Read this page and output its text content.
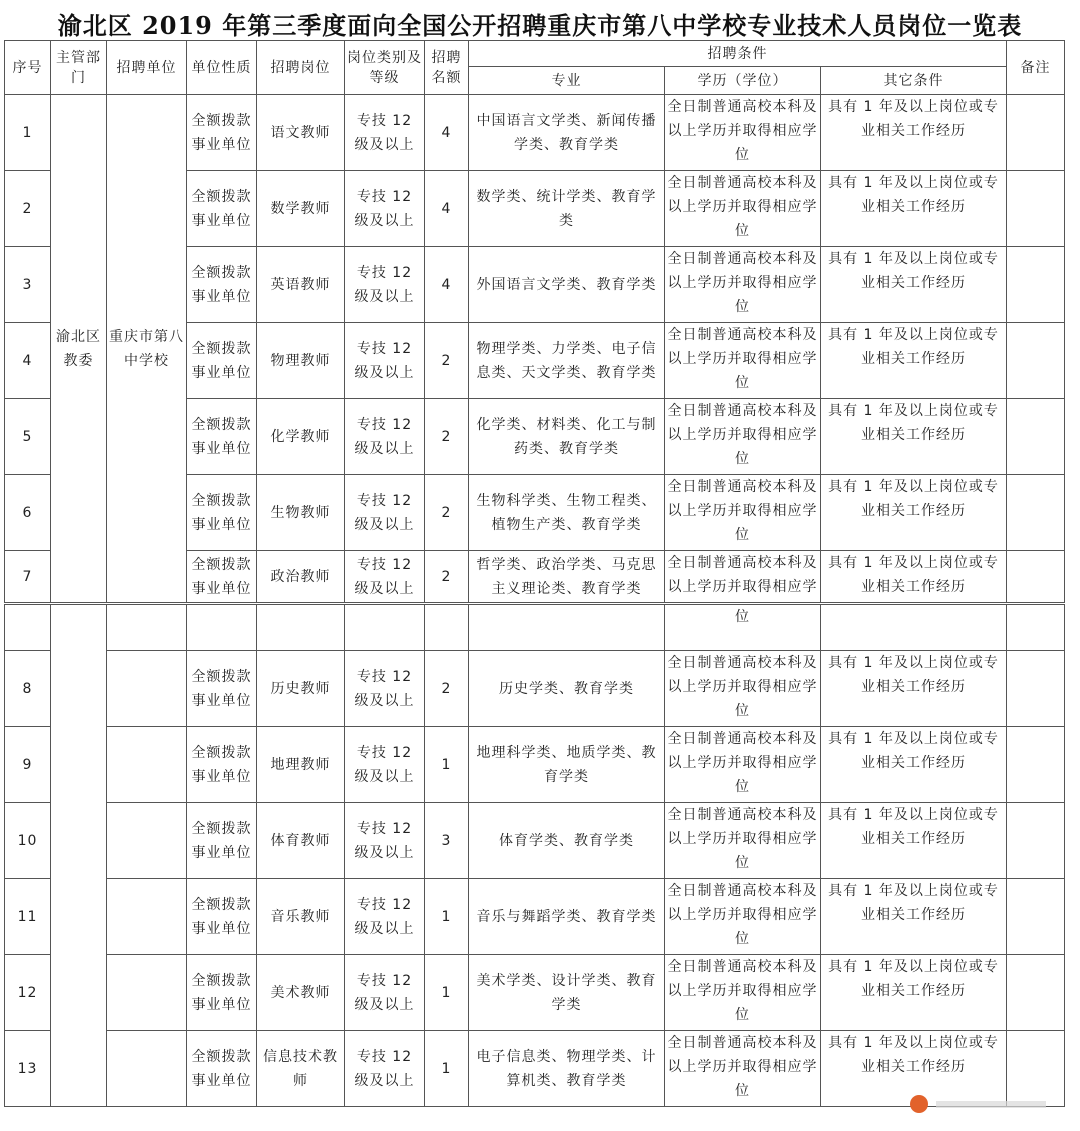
渝北区 2019 年第三季度面向全国公开招聘重庆市第八中学校专业技术人员岗位一览表
序号	主管部门	招聘单位	单位性质	招聘岗位	岗位类别及等级	招聘名额	招聘条件			备注
							专业	学历（学位）	其它条件	
1	渝北区教委	重庆市第八中学校	全额拨款事业单位	语文教师	专技 12 级及以上	4	中国语言文学类、新闻传播学类、教育学类	全日制普通高校本科及以上学历并取得相应学位	具有 1 年及以上岗位或专业相关工作经历	
2			全额拨款事业单位	数学教师	专技 12 级及以上	4	数学类、统计学类、教育学类	全日制普通高校本科及以上学历并取得相应学位	具有 1 年及以上岗位或专业相关工作经历	
3			全额拨款事业单位	英语教师	专技 12 级及以上	4	外国语言文学类、教育学类	全日制普通高校本科及以上学历并取得相应学位	具有 1 年及以上岗位或专业相关工作经历	
4			全额拨款事业单位	物理教师	专技 12 级及以上	2	物理学类、力学类、电子信息类、天文学类、教育学类	全日制普通高校本科及以上学历并取得相应学位	具有 1 年及以上岗位或专业相关工作经历	
5			全额拨款事业单位	化学教师	专技 12 级及以上	2	化学类、材料类、化工与制药类、教育学类	全日制普通高校本科及以上学历并取得相应学位	具有 1 年及以上岗位或专业相关工作经历	
6			全额拨款事业单位	生物教师	专技 12 级及以上	2	生物科学类、生物工程类、植物生产类、教育学类	全日制普通高校本科及以上学历并取得相应学位	具有 1 年及以上岗位或专业相关工作经历	
7			全额拨款事业单位	政治教师	专技 12 级及以上	2	哲学类、政治学类、马克思主义理论类、教育学类	全日制普通高校本科及以上学历并取得相应学	具有 1 年及以上岗位或专业相关工作经历	
								位		
8			全额拨款事业单位	历史教师	专技 12 级及以上	2	历史学类、教育学类	全日制普通高校本科及以上学历并取得相应学位	具有 1 年及以上岗位或专业相关工作经历	
9			全额拨款事业单位	地理教师	专技 12 级及以上	1	地理科学类、地质学类、教育学类	全日制普通高校本科及以上学历并取得相应学位	具有 1 年及以上岗位或专业相关工作经历	
10			全额拨款事业单位	体育教师	专技 12 级及以上	3	体育学类、教育学类	全日制普通高校本科及以上学历并取得相应学位	具有 1 年及以上岗位或专业相关工作经历	
11			全额拨款事业单位	音乐教师	专技 12 级及以上	1	音乐与舞蹈学类、教育学类	全日制普通高校本科及以上学历并取得相应学位	具有 1 年及以上岗位或专业相关工作经历	
12			全额拨款事业单位	美术教师	专技 12 级及以上	1	美术学类、设计学类、教育学类	全日制普通高校本科及以上学历并取得相应学位	具有 1 年及以上岗位或专业相关工作经历	
13			全额拨款事业单位	信息技术教师	专技 12 级及以上	1	电子信息类、物理学类、计算机类、教育学类	全日制普通高校本科及以上学历并取得相应学位	具有 1 年及以上岗位或专业相关工作经历	
